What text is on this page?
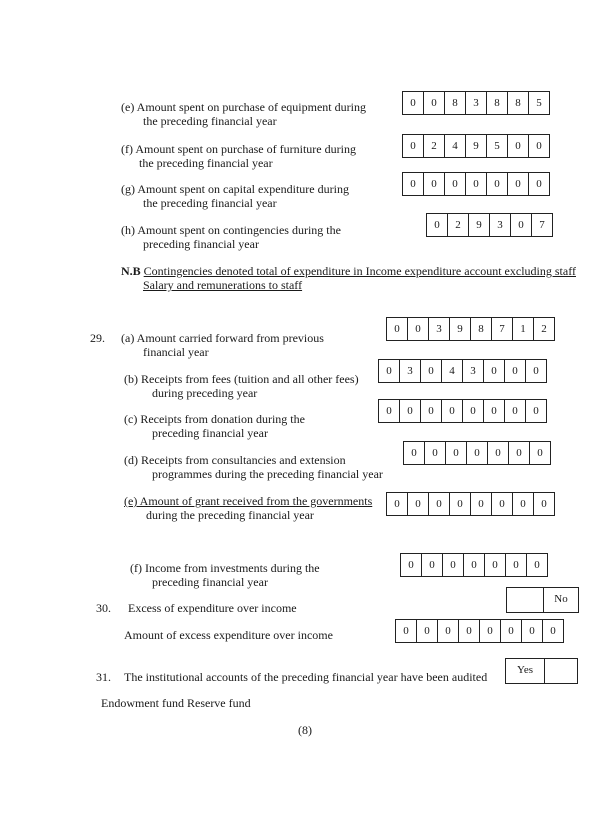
(e) Amount spent on purchase of equipment during
the preceding financial year
0	0	8	3	8	8	5
(f) Amount spent on purchase of furniture during
the preceding financial year
0	2	4	9	5	0	0
(g) Amount spent on capital expenditure during
the preceding financial year
0	0	0	0	0	0	0
(h) Amount spent on contingencies during the
preceding financial year
0	2	9	3	0	7
N.B Contingencies denoted total of expenditure in Income expenditure account excluding staff
Salary and remunerations to staff
29. (a) Amount carried forward from previous
financial year
0	0	3	9	8	7	1	2
(b) Receipts from fees (tuition and all other fees)
during preceding year
0	3	0	4	3	0	0	0
(c) Receipts from donation during the
preceding financial year
0	0	0	0	0	0	0	0
(d) Receipts from consultancies and extension
programmes during the preceding financial year
0	0	0	0	0	0	0
(e) Amount of grant received from the governments
during the preceding financial year
0	0	0	0	0	0	0	0
(f) Income from investments during the
preceding financial year
0	0	0	0	0	0	0
30. Excess of expenditure over income
No
Amount of excess expenditure over income	0	0	0	0	0	0	0	0
31. The institutional accounts of the preceding financial year have been audited	Yes
Endowment fund Reserve fund
(8)
